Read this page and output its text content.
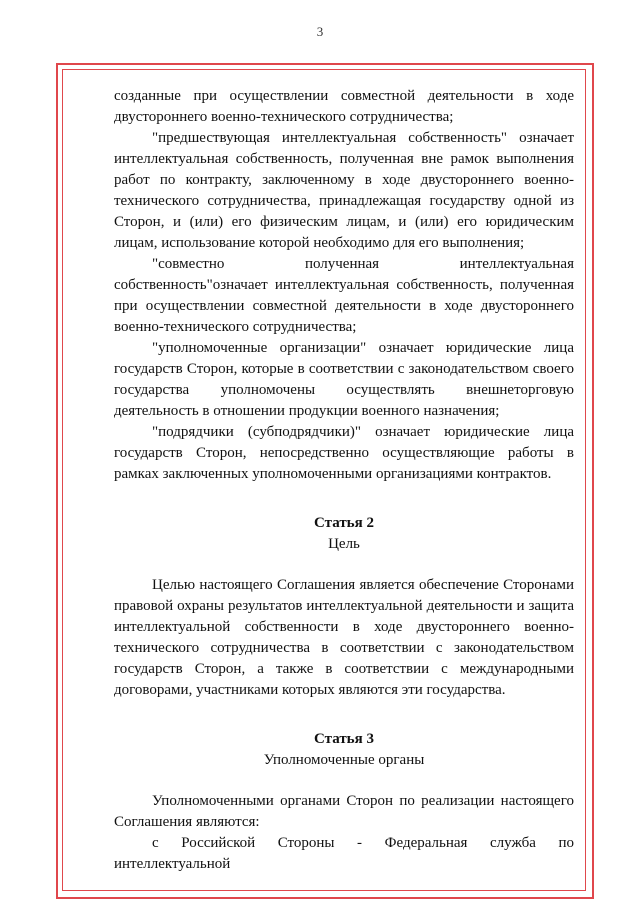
3

созданные при осуществлении совместной деятельности в ходе двустороннего военно-технического сотрудничества;

"предшествующая интеллектуальная собственность" означает интеллектуальная собственность, полученная вне рамок выполнения работ по контракту, заключенному в ходе двустороннего военно-технического сотрудничества, принадлежащая государству одной из Сторон, и (или) его физическим лицам, и (или) его юридическим лицам, использование которой необходимо для его выполнения;

"совместно полученная интеллектуальная собственность"означает интеллектуальная собственность, полученная при осуществлении совместной деятельности в ходе двустороннего военно-технического сотрудничества;

"уполномоченные организации" означает юридические лица государств Сторон, которые в соответствии с законодательством своего государства уполномочены осуществлять внешнеторговую деятельность в отношении продукции военного назначения;

"подрядчики (субподрядчики)" означает юридические лица государств Сторон, непосредственно осуществляющие работы в рамках заключенных уполномоченными организациями контрактов.

Статья 2

Цель

Целью настоящего Соглашения является обеспечение Сторонами правовой охраны результатов интеллектуальной деятельности и защита интеллектуальной собственности в ходе двустороннего военно-технического сотрудничества в соответствии с законодательством государств Сторон, а также в соответствии с международными договорами, участниками которых являются эти государства.

Статья 3

Уполномоченные органы

Уполномоченными органами Сторон по реализации настоящего Соглашения являются:

с Российской Стороны - Федеральная служба по интеллектуальной
